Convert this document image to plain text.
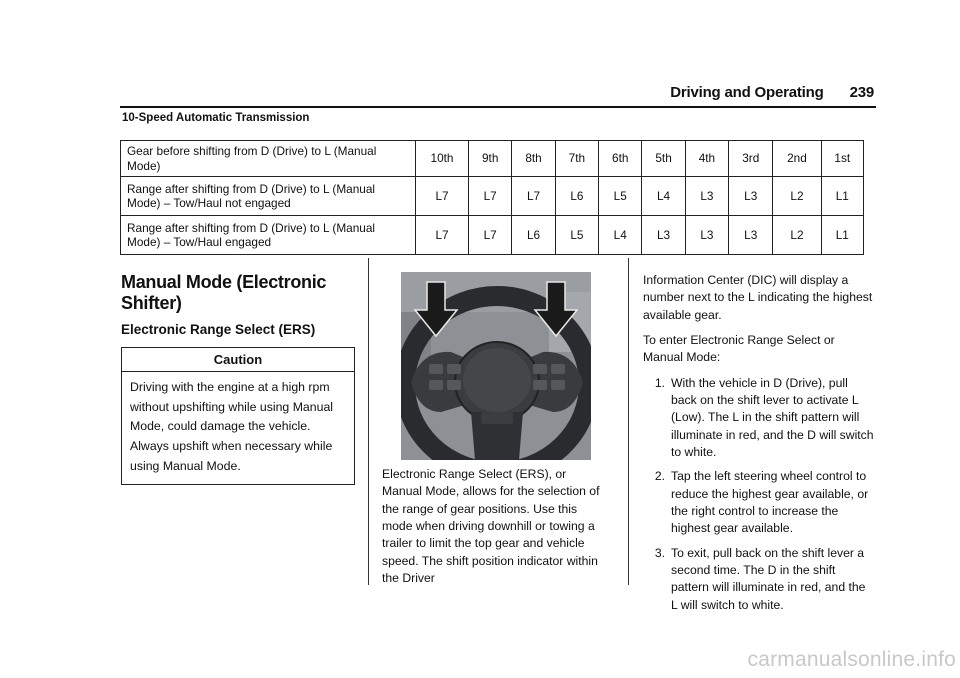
Driving and Operating 239
10-Speed Automatic Transmission
Gear before shifting from D (Drive) to L (Manual Mode)	10th	9th	8th	7th	6th	5th	4th	3rd	2nd	1st
Range after shifting from D (Drive) to L (Manual Mode) – Tow/Haul not engaged	L7	L7	L7	L6	L5	L4	L3	L3	L2	L1
Range after shifting from D (Drive) to L (Manual Mode) – Tow/Haul engaged	L7	L7	L6	L5	L4	L3	L3	L3	L2	L1
Manual Mode (Electronic Shifter)
Electronic Range Select (ERS)
Caution
Driving with the engine at a high rpm without upshifting while using Manual Mode, could damage the vehicle. Always upshift when necessary while using Manual Mode.
Electronic Range Select (ERS), or Manual Mode, allows for the selection of the range of gear positions. Use this mode when driving downhill or towing a trailer to limit the top gear and vehicle speed. The shift position indicator within the Driver

Information Center (DIC) will display a number next to the L indicating the highest available gear.

To enter Electronic Range Select or Manual Mode:

1. With the vehicle in D (Drive), pull back on the shift lever to activate L (Low). The L in the shift pattern will illuminate in red, and the D will switch to white.
2. Tap the left steering wheel control to reduce the highest gear available, or the right control to increase the highest gear available.
3. To exit, pull back on the shift lever a second time. The D in the shift pattern will illuminate in red, and the L will switch to white.
carmanualsonline.info
